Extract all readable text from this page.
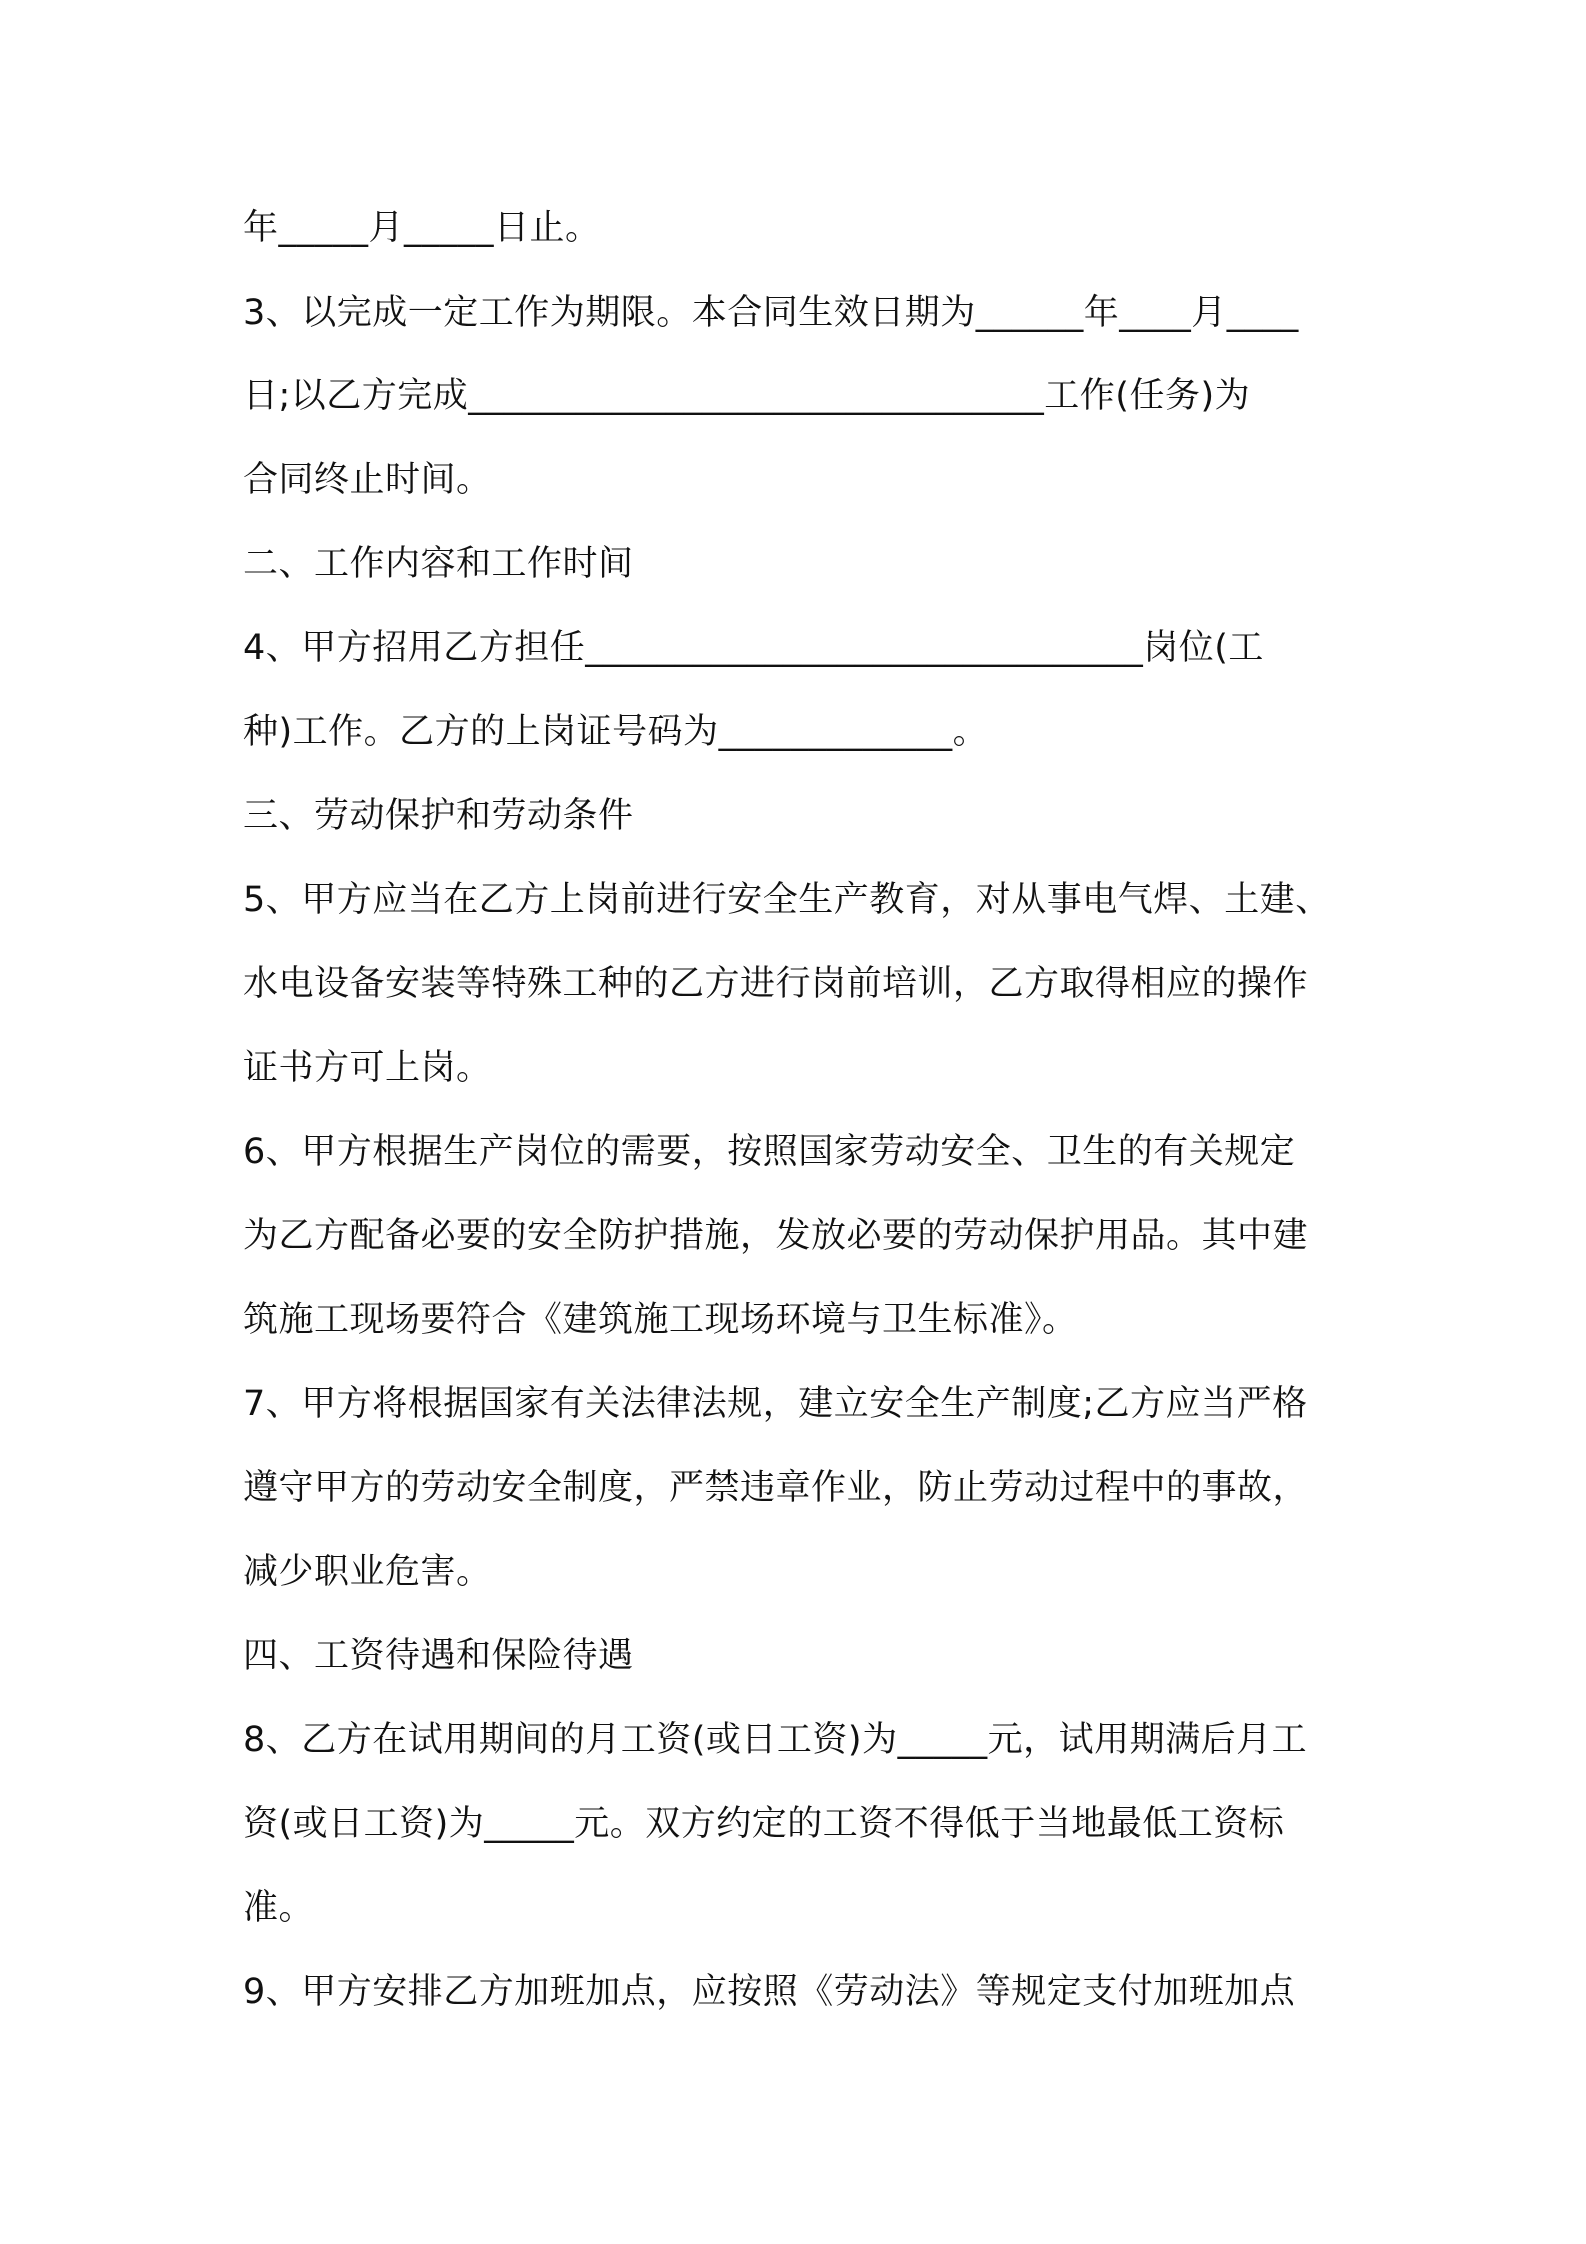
年_____月_____日止。
3、以完成一定工作为期限。本合同生效日期为______年____月____
日;以乙方完成________________________________工作(任务)为
合同终止时间。
二、工作内容和工作时间
4、甲方招用乙方担任_______________________________岗位(工
种)工作。乙方的上岗证号码为_____________。
三、劳动保护和劳动条件
5、甲方应当在乙方上岗前进行安全生产教育，对从事电气焊、土建、
水电设备安装等特殊工种的乙方进行岗前培训，乙方取得相应的操作
证书方可上岗。
6、甲方根据生产岗位的需要，按照国家劳动安全、卫生的有关规定
为乙方配备必要的安全防护措施，发放必要的劳动保护用品。其中建
筑施工现场要符合《建筑施工现场环境与卫生标准》。
7、甲方将根据国家有关法律法规，建立安全生产制度;乙方应当严格
遵守甲方的劳动安全制度，严禁违章作业，防止劳动过程中的事故，
减少职业危害。
四、工资待遇和保险待遇
8、乙方在试用期间的月工资(或日工资)为_____元，试用期满后月工
资(或日工资)为_____元。双方约定的工资不得低于当地最低工资标
准。
9、甲方安排乙方加班加点，应按照《劳动法》等规定支付加班加点
